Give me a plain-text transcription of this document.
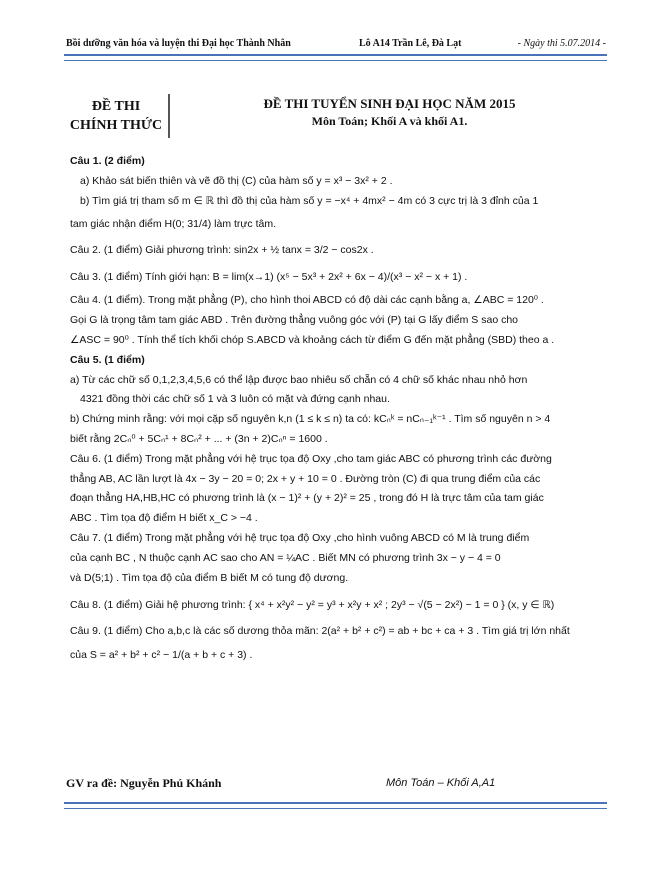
Bồi dưỡng văn hóa và luyện thi Đại học Thành Nhân	Lô A14 Trần Lê, Đà Lạt	- Ngày thi 5.07.2014 -
ĐỀ THI
CHÍNH THỨC
ĐỀ THI TUYỂN SINH ĐẠI HỌC NĂM 2015
Môn Toán; Khối A và khối A1.

Câu 1. (2 điểm)

a) Khảo sát biến thiên và vẽ đồ thị (C) của hàm số y = x³ − 3x² + 2 .

b) Tìm giá trị tham số m ∈ ℝ thì đồ thị của hàm số y = −x⁴ + 4mx² − 4m có 3 cực trị là 3 đỉnh của 1

tam giác nhận điểm H(0; 31/4) làm trực tâm.

Câu 2. (1 điểm) Giải phương trình: sin2x + ½ tanx = 3/2 − cos2x .

Câu 3. (1 điểm) Tính giới hạn: B = lim(x→1) (x⁵ − 5x³ + 2x² + 6x − 4)/(x³ − x² − x + 1) .

Câu 4. (1 điểm). Trong mặt phẳng (P), cho hình thoi ABCD có độ dài các cạnh bằng a, ∠ABC = 120⁰ .

Gọi G là trọng tâm tam giác ABD . Trên đường thẳng vuông góc với (P) tại G lấy điểm S sao cho

∠ASC = 90⁰ . Tính thể tích khối chóp S.ABCD và khoảng cách từ điểm G đến mặt phẳng (SBD) theo a .

Câu 5. (1 điểm)

a) Từ các chữ số 0,1,2,3,4,5,6 có thể lập được bao nhiêu số chẵn có 4 chữ số khác nhau nhỏ hơn

4321 đồng thời các chữ số 1 và 3 luôn có mặt và đứng cạnh nhau.

b) Chứng minh rằng: với mọi cặp số nguyên k,n (1 ≤ k ≤ n) ta có: kCₙᵏ = nCₙ₋₁ᵏ⁻¹ . Tìm số nguyên n > 4

biết rằng 2Cₙ⁰ + 5Cₙ¹ + 8Cₙ² + ... + (3n + 2)Cₙⁿ = 1600 .

Câu 6. (1 điểm) Trong mặt phẳng với hệ trục tọa độ Oxy ,cho tam giác ABC có phương trình các đường

thẳng AB, AC lần lượt là 4x − 3y − 20 = 0; 2x + y + 10 = 0 . Đường tròn (C) đi qua trung điểm của các

đoạn thẳng HA,HB,HC có phương trình là (x − 1)² + (y + 2)² = 25 , trong đó H là trực tâm của tam giác

ABC . Tìm tọa độ điểm H biết x_C > −4 .

Câu 7. (1 điểm) Trong mặt phẳng với hệ trục tọa độ Oxy ,cho hình vuông ABCD có M là trung điểm

của cạnh BC , N thuộc cạnh AC sao cho AN = ¼AC . Biết MN có phương trình 3x − y − 4 = 0

và D(5;1) . Tìm tọa độ của điểm B biết M có tung độ dương.

Câu 8. (1 điểm) Giải hệ phương trình: { x⁴ + x²y² − y² = y³ + x²y + x² ; 2y³ − √(5 − 2x²) − 1 = 0 } (x, y ∈ ℝ)

Câu 9. (1 điểm) Cho a,b,c là các số dương thỏa mãn: 2(a² + b² + c²) = ab + bc + ca + 3 . Tìm giá trị lớn nhất

của S = a² + b² + c² − 1/(a + b + c + 3) .

GV ra đề: Nguyễn Phú Khánh	Môn Toán – Khối A,A1
